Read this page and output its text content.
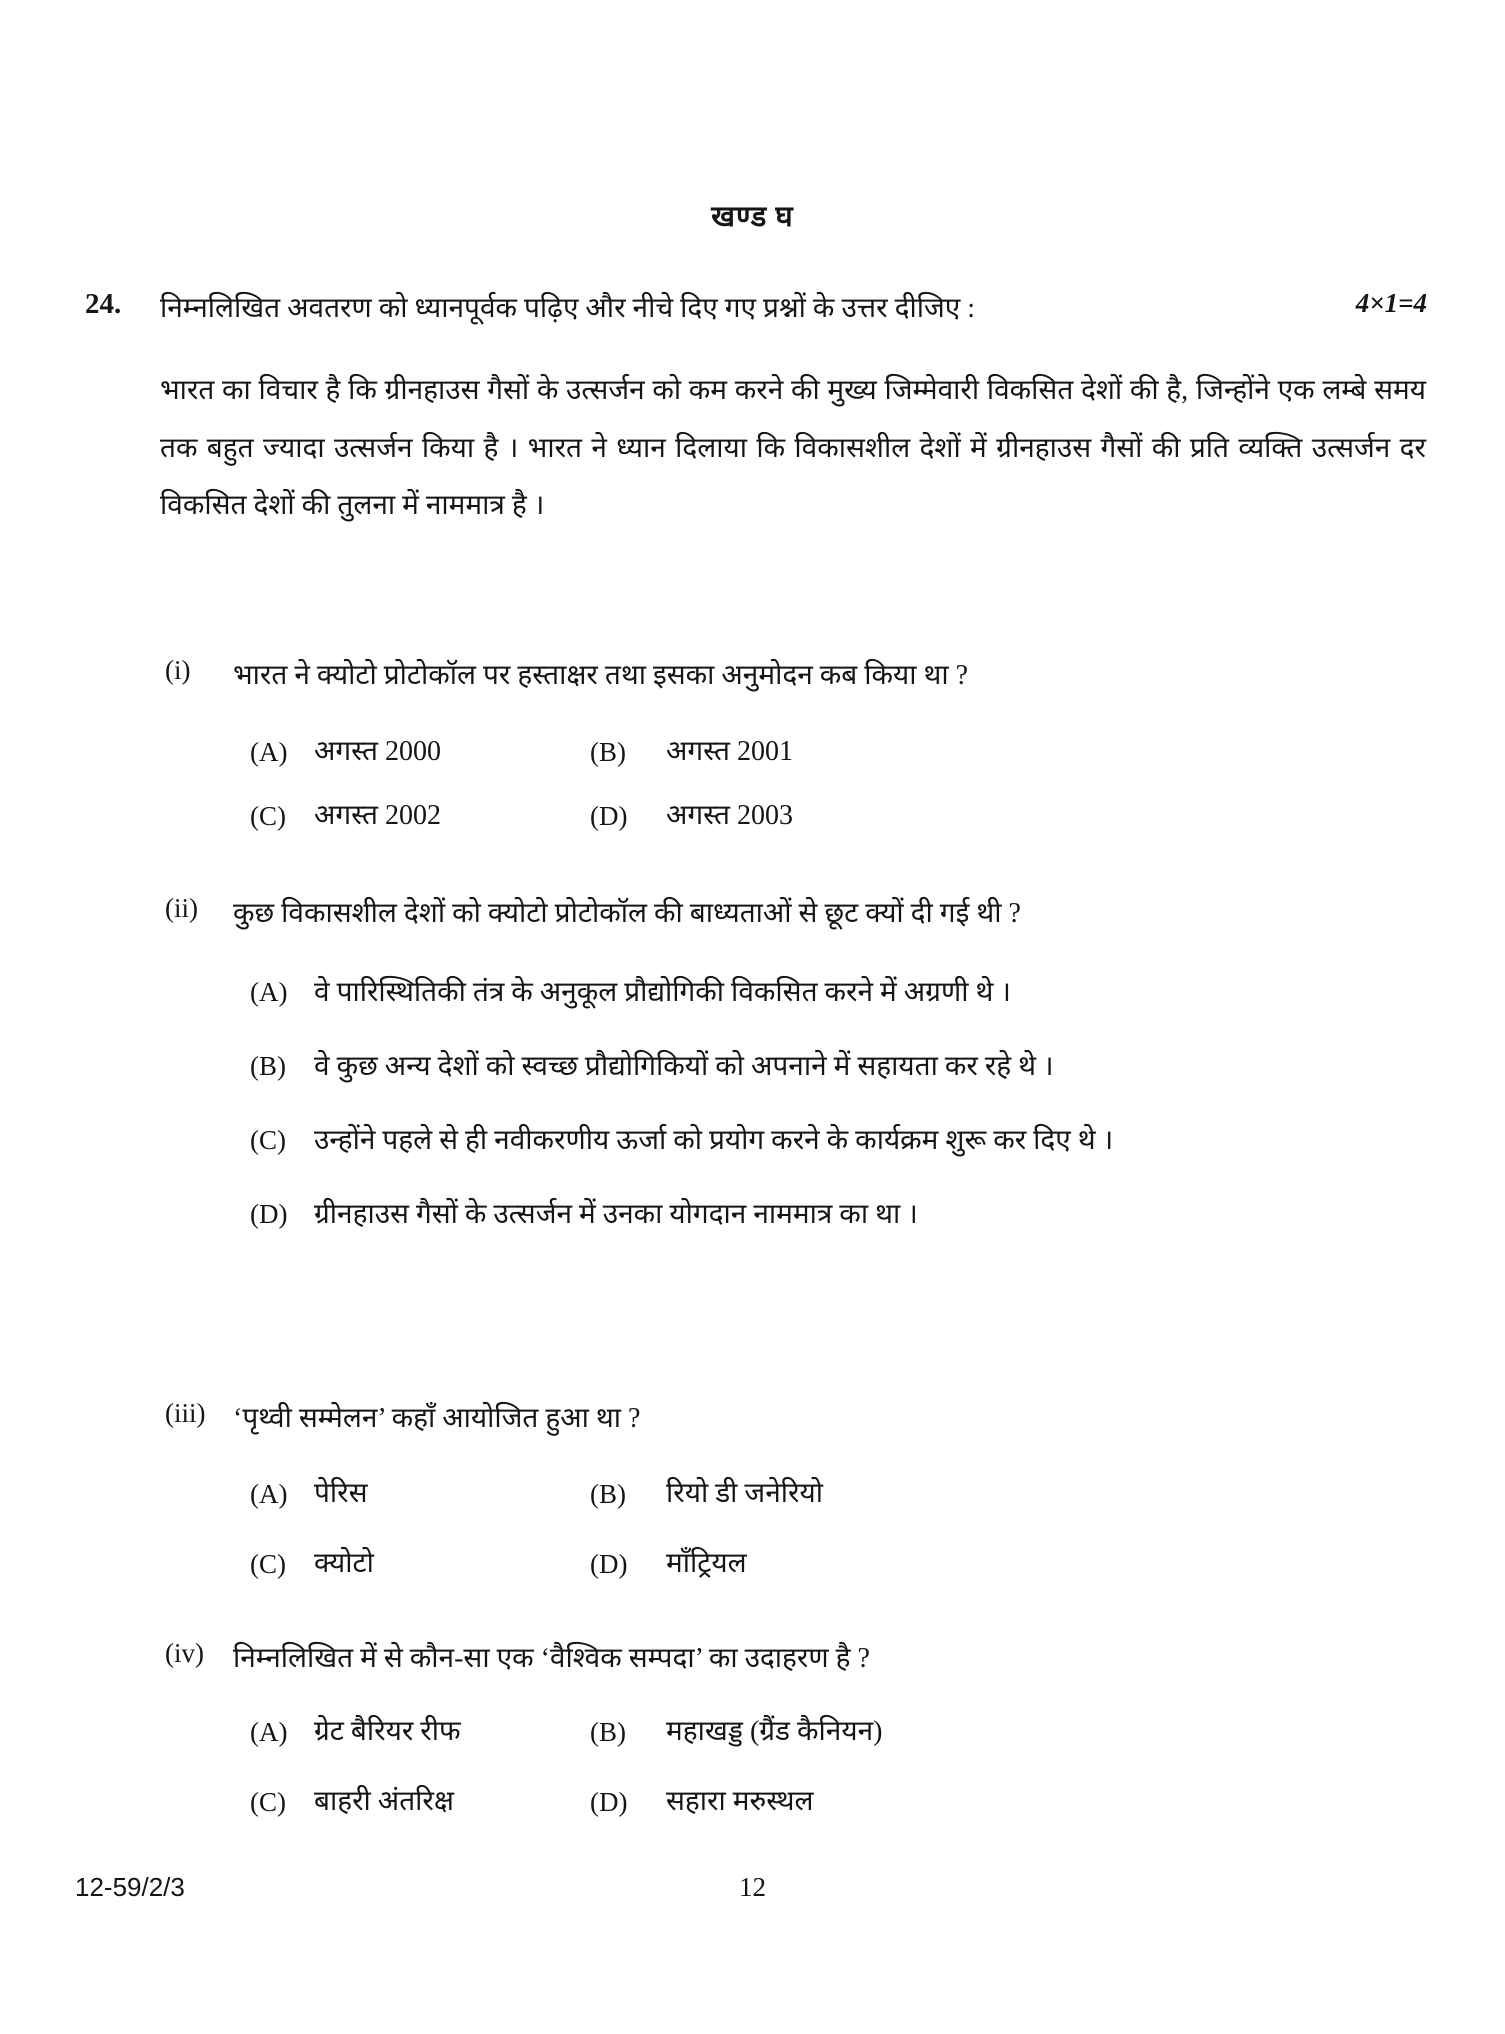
खण्ड घ
24.	निम्नलिखित अवतरण को ध्यानपूर्वक पढ़िए और नीचे दिए गए प्रश्नों के उत्तर दीजिए :	4×1=4
भारत का विचार है कि ग्रीनहाउस गैसों के उत्सर्जन को कम करने की मुख्य जिम्मेवारी विकसित देशों की है, जिन्होंने एक लम्बे समय तक बहुत ज्यादा उत्सर्जन किया है । भारत ने ध्यान दिलाया कि विकासशील देशों में ग्रीनहाउस गैसों की प्रति व्यक्ति उत्सर्जन दर विकसित देशों की तुलना में नाममात्र है ।
(i)	भारत ने क्योटो प्रोटोकॉल पर हस्ताक्षर तथा इसका अनुमोदन कब किया था ?
(A) अगस्त 2000	(B)	अगस्त 2001
(C)	अगस्त 2002	(D)	अगस्त 2003
(ii)	कुछ विकासशील देशों को क्योटो प्रोटोकॉल की बाध्यताओं से छूट क्यों दी गई थी ?
(A) वे पारिस्थितिकी तंत्र के अनुकूल प्रौद्योगिकी विकसित करने में अग्रणी थे ।
(B)	वे कुछ अन्य देशों को स्वच्छ प्रौद्योगिकियों को अपनाने में सहायता कर रहे थे ।
(C)	उन्होंने पहले से ही नवीकरणीय ऊर्जा को प्रयोग करने के कार्यक्रम शुरू कर दिए थे ।
(D) ग्रीनहाउस गैसों के उत्सर्जन में उनका योगदान नाममात्र का था ।
(iii) ‘पृथ्वी सम्मेलन’ कहाँ आयोजित हुआ था ?
(A) पेरिस	(B)	रियो डी जनेरियो
(C)	क्योटो	(D)	माँट्रियल
(iv)	निम्नलिखित में से कौन-सा एक ‘वैश्विक सम्पदा’ का उदाहरण है ?
(A) ग्रेट बैरियर रीफ	(B)	महाखड्ड (ग्रैंड कैनियन)
(C)	बाहरी अंतरिक्ष	(D)	सहारा मरुस्थल
12
12-59/2/3
